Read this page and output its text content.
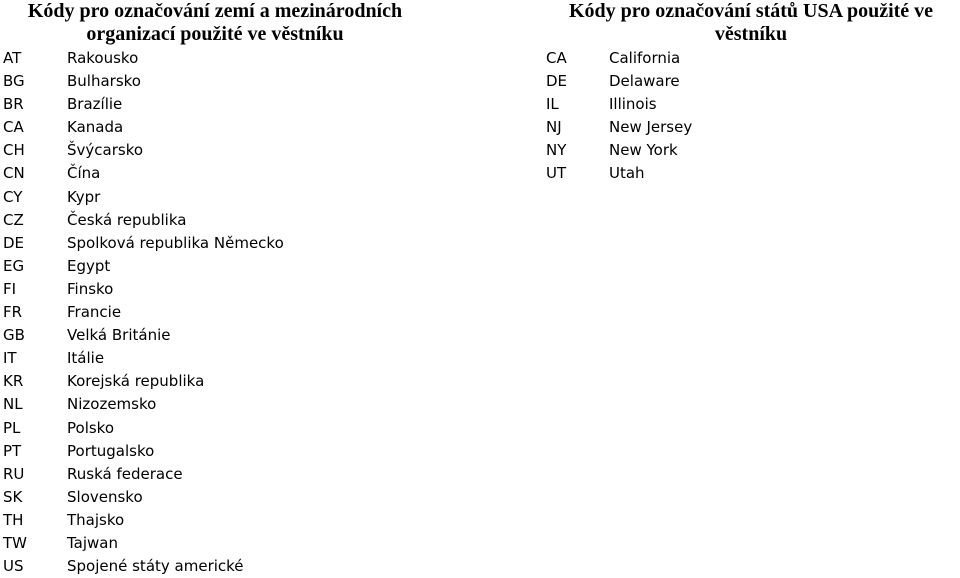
Kódy pro označování zemí a mezinárodních
organizací použité ve věstníku
AT	Rakousko
BG	Bulharsko
BR	Brazílie
CA	Kanada
CH	Švýcarsko
CN	Čína
CY	Kypr
CZ	Česká republika
DE	Spolková republika Německo
EG	Egypt
FI	Finsko
FR	Francie
GB	Velká Británie
IT	Itálie
KR	Korejská republika
NL	Nizozemsko
PL	Polsko
PT	Portugalsko
RU	Ruská federace
SK	Slovensko
TH	Thajsko
TW	Tajwan
US	Spojené státy americké
Kódy pro označování států USA použité ve
věstníku
CA	California
DE	Delaware
IL	Illinois
NJ	New Jersey
NY	New York
UT	Utah
